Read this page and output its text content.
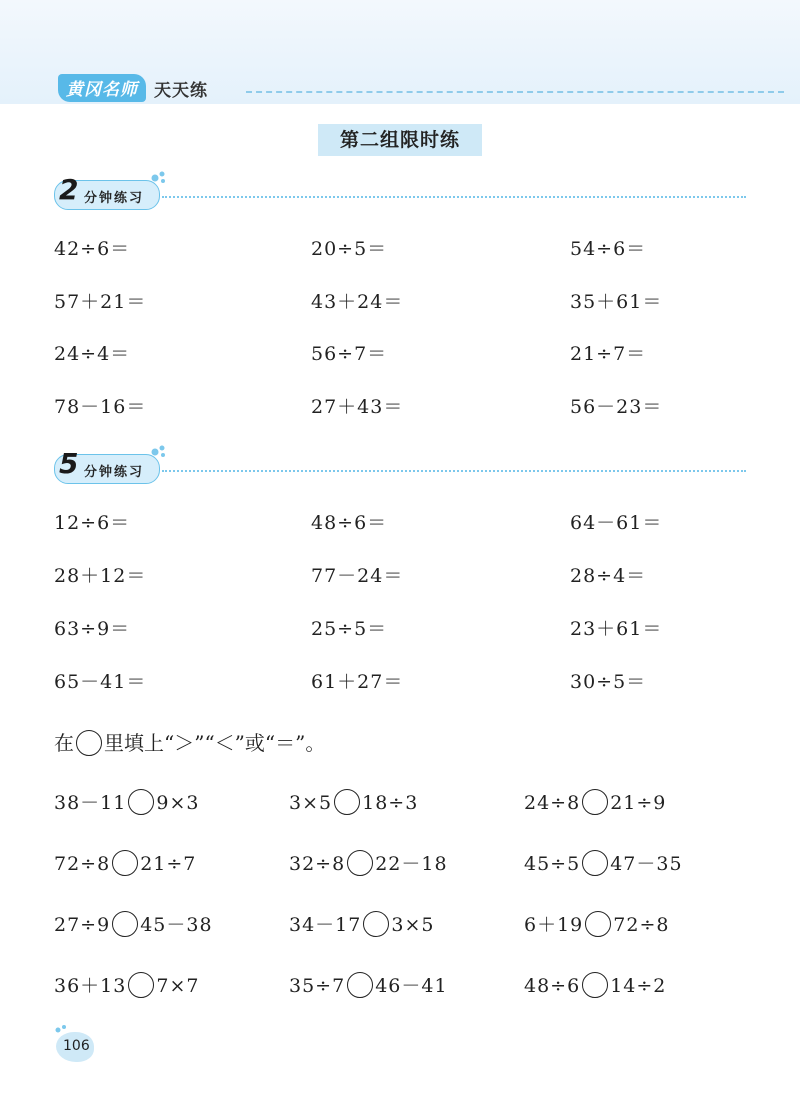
黄冈名师 天天练
第二组限时练
2 分钟练习
42÷6＝	20÷5＝	54÷6＝
57＋21＝	43＋24＝	35＋61＝
24÷4＝	56÷7＝	21÷7＝
78－16＝	27＋43＝	56－23＝
5 分钟练习
12÷6＝	48÷6＝	64－61＝
28＋12＝	77－24＝	28÷4＝
63÷9＝	25÷5＝	23＋61＝
65－41＝	61＋27＝	30÷5＝
在 里填上“＞”“＜”或“＝”。
38－11 9×3	3×5 18÷3	24÷8 21÷9
72÷8 21÷7	32÷8 22－18	45÷5 47－35
27÷9 45－38	34－17 3×5	6＋19 72÷8
36＋13 7×7	35÷7 46－41	48÷6 14÷2
106
